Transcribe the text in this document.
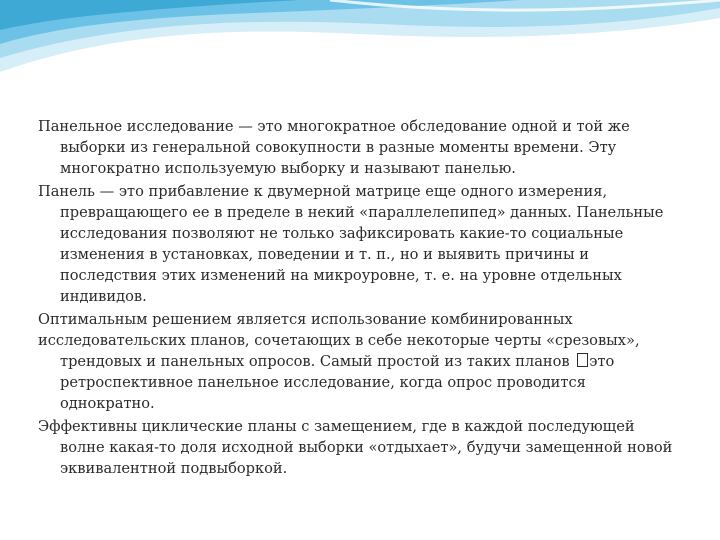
Панельное исследование — это многократное обследование одной и той же выборки из генеральной совокупности в разные моменты времени. Эту многократно используемую выборку и называют панелью.

Панель — это прибавление к двумерной матрице еще одного измерения, превращающего ее в пределе в некий «параллелепипед» данных. Панельные исследования позволяют не только зафиксировать какие-то социальные изменения в установках, поведении и т. п., но и выявить причины и последствия этих изменений на микроуровне, т. е. на уровне отдельных индивидов.

Оптимальным решением является использование комбинированных

исследовательских планов, сочетающих в себе некоторые черты «срезовых», трендовых и панельных опросов. Самый простой из таких планов это ретроспективное панельное исследование, когда опрос проводится однократно.

Эффективны циклические планы с замещением, где в каждой последующей волне какая-то доля исходной выборки «отдыхает», будучи замещенной новой эквивалентной подвыборкой.
